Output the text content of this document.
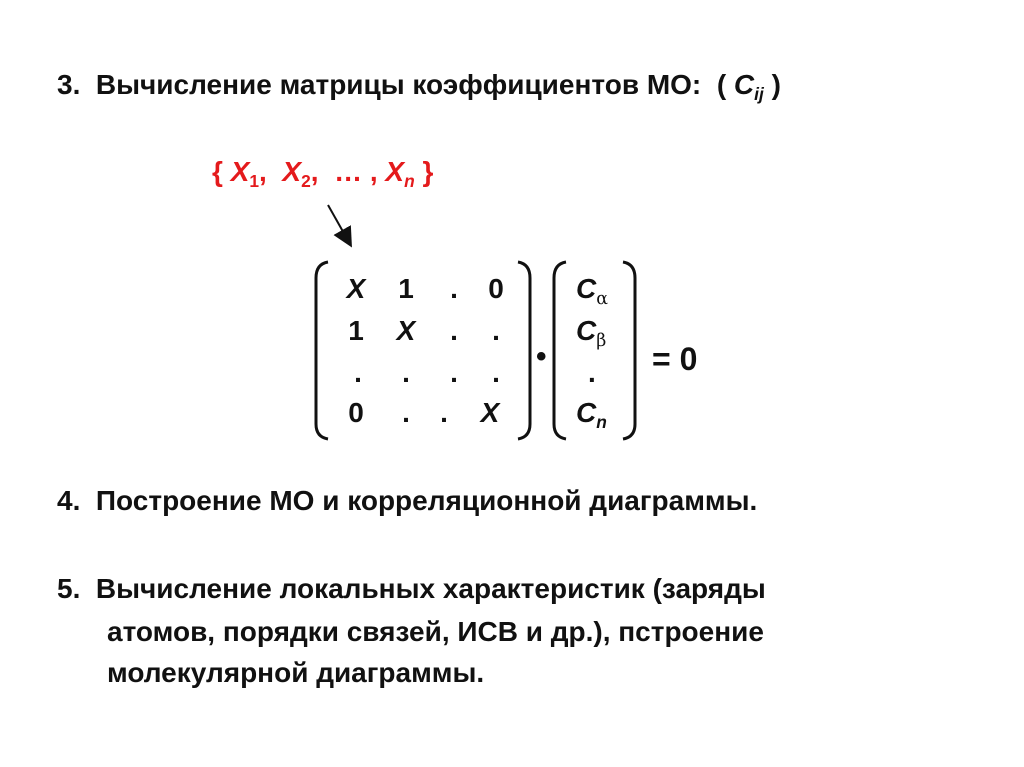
3. Вычисление матрицы коэффициентов МО: ( $C_{ij}$ )
{ $X_1$, $X_2$, … , $X_n$ }
X	1	.	0
1	X	.	.
.	.	.	.
0	.	.	X
•
$C_\alpha$
$C_\beta$
.
$C_n$
= 0
4. Построение МО и корреляционной диаграммы.
5. Вычисление локальных характеристик (заряды
атомов, порядки связей, ИСВ и др.), пстроение
молекулярной диаграммы.
